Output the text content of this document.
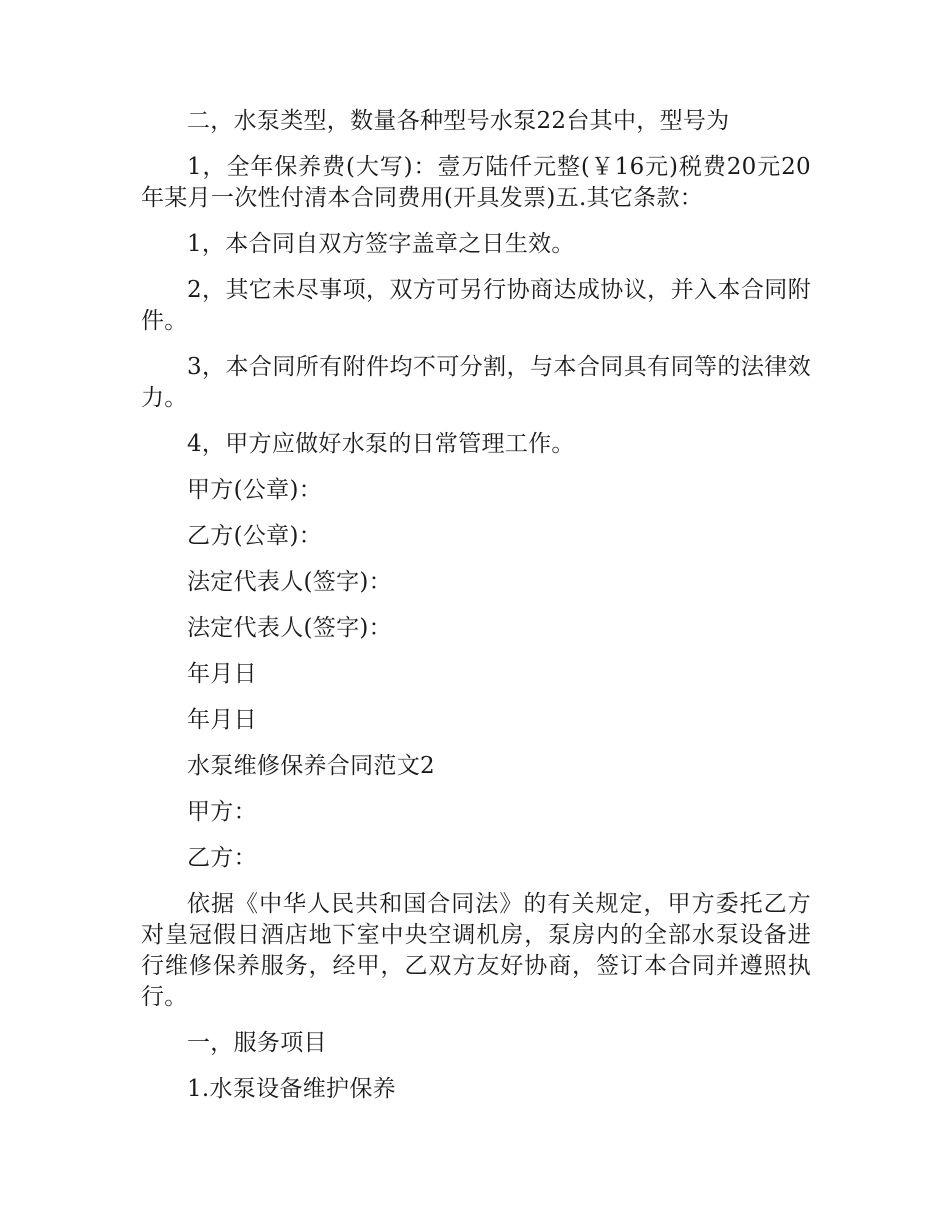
二，水泵类型，数量各种型号水泵22台其中，型号为

1，全年保养费(大写)：壹万陆仟元整(￥16元)税费20元20年某月一次性付清本合同费用(开具发票)五.其它条款：

1，本合同自双方签字盖章之日生效。

2，其它未尽事项，双方可另行协商达成协议，并入本合同附件。

3，本合同所有附件均不可分割，与本合同具有同等的法律效力。

4，甲方应做好水泵的日常管理工作。

甲方(公章)：

乙方(公章)：

法定代表人(签字)：

法定代表人(签字)：

年月日

年月日

水泵维修保养合同范文2

甲方：

乙方：

依据《中华人民共和国合同法》的有关规定，甲方委托乙方对皇冠假日酒店地下室中央空调机房，泵房内的全部水泵设备进行维修保养服务，经甲，乙双方友好协商，签订本合同并遵照执行。

一，服务项目

1.水泵设备维护保养
